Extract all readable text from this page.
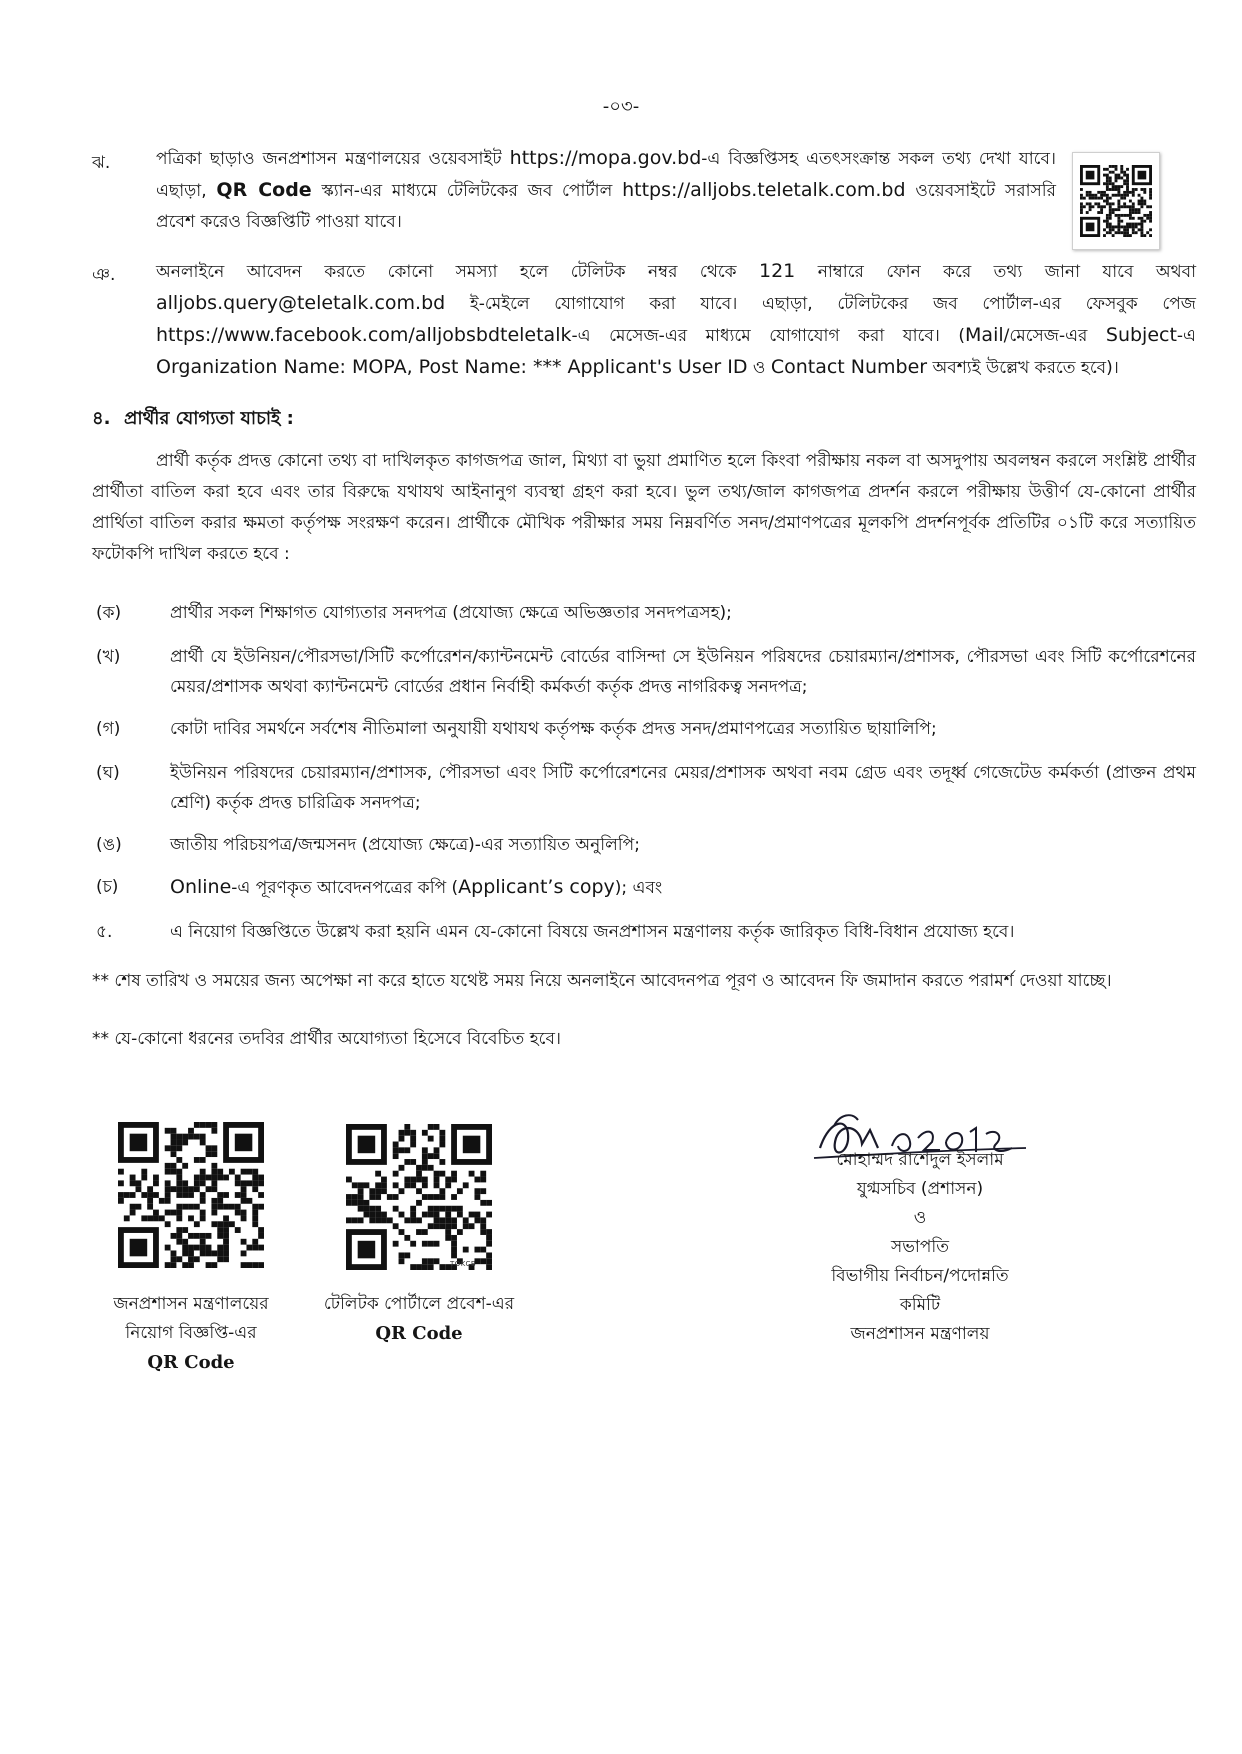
-০৩-
ঝ.	পত্রিকা ছাড়াও জনপ্রশাসন মন্ত্রণালয়ের ওয়েবসাইট https://mopa.gov.bd-এ বিজ্ঞপ্তিসহ এতৎসংক্রান্ত সকল তথ্য দেখা যাবে। এছাড়া, QR Code স্ক্যান-এর মাধ্যমে টেলিটকের জব পোর্টাল https://alljobs.teletalk.com.bd ওয়েবসাইটে সরাসরি প্রবেশ করেও বিজ্ঞপ্তিটি পাওয়া যাবে।
ঞ. অনলাইনে আবেদন করতে কোনো সমস্যা হলে টেলিটক নম্বর থেকে 121 নাম্বারে ফোন করে তথ্য জানা যাবে অথবা alljobs.query@teletalk.com.bd ই-মেইলে যোগাযোগ করা যাবে। এছাড়া, টেলিটকের জব পোর্টাল-এর ফেসবুক পেজ https://www.facebook.com/alljobsbdteletalk-এ মেসেজ-এর মাধ্যমে যোগাযোগ করা যাবে। (Mail/মেসেজ-এর Subject-এ Organization Name: MOPA, Post Name: *** Applicant's User ID ও Contact Number অবশ্যই উল্লেখ করতে হবে)।
৪. প্রার্থীর যোগ্যতা যাচাই :
প্রার্থী কর্তৃক প্রদত্ত কোনো তথ্য বা দাখিলকৃত কাগজপত্র জাল, মিথ্যা বা ভুয়া প্রমাণিত হলে কিংবা পরীক্ষায় নকল বা অসদুপায় অবলম্বন করলে সংশ্লিষ্ট প্রার্থীর প্রার্থীতা বাতিল করা হবে এবং তার বিরুদ্ধে যথাযথ আইনানুগ ব্যবস্থা গ্রহণ করা হবে। ভুল তথ্য/জাল কাগজপত্র প্রদর্শন করলে পরীক্ষায় উত্তীর্ণ যে-কোনো প্রার্থীর প্রার্থিতা বাতিল করার ক্ষমতা কর্তৃপক্ষ সংরক্ষণ করেন। প্রার্থীকে মৌখিক পরীক্ষার সময় নিম্নবর্ণিত সনদ/প্রমাণপত্রের মূলকপি প্রদর্শনপূর্বক প্রতিটির ০১টি করে সত্যায়িত ফটোকপি দাখিল করতে হবে :
(ক)	প্রার্থীর সকল শিক্ষাগত যোগ্যতার সনদপত্র (প্রযোজ্য ক্ষেত্রে অভিজ্ঞতার সনদপত্রসহ);
(খ)	প্রার্থী যে ইউনিয়ন/পৌরসভা/সিটি কর্পোরেশন/ক্যান্টনমেন্ট বোর্ডের বাসিন্দা সে ইউনিয়ন পরিষদের চেয়ারম্যান/প্রশাসক, পৌরসভা এবং সিটি কর্পোরেশনের মেয়র/প্রশাসক অথবা ক্যান্টনমেন্ট বোর্ডের প্রধান নির্বাহী কর্মকর্তা কর্তৃক প্রদত্ত নাগরিকত্ব সনদপত্র;
(গ)	কোটা দাবির সমর্থনে সর্বশেষ নীতিমালা অনুযায়ী যথাযথ কর্তৃপক্ষ কর্তৃক প্রদত্ত সনদ/প্রমাণপত্রের সত্যায়িত ছায়ালিপি;
(ঘ)	ইউনিয়ন পরিষদের চেয়ারম্যান/প্রশাসক, পৌরসভা এবং সিটি কর্পোরেশনের মেয়র/প্রশাসক অথবা নবম গ্রেড এবং তদূর্ধ্ব গেজেটেড কর্মকর্তা (প্রাক্তন প্রথম শ্রেণি) কর্তৃক প্রদত্ত চারিত্রিক সনদপত্র;
(ঙ)	জাতীয় পরিচয়পত্র/জন্মসনদ (প্রযোজ্য ক্ষেত্রে)-এর সত্যায়িত অনুলিপি;
(চ)	Online-এ পূরণকৃত আবেদনপত্রের কপি (Applicant’s copy); এবং
৫.	এ নিয়োগ বিজ্ঞপ্তিতে উল্লেখ করা হয়নি এমন যে-কোনো বিষয়ে জনপ্রশাসন মন্ত্রণালয় কর্তৃক জারিকৃত বিধি-বিধান প্রযোজ্য হবে।
** শেষ তারিখ ও সময়ের জন্য অপেক্ষা না করে হাতে যথেষ্ট সময় নিয়ে অনলাইনে আবেদনপত্র পূরণ ও আবেদন ফি জমাদান করতে পরামর্শ দেওয়া যাচ্ছে।
** যে-কোনো ধরনের তদবির প্রার্থীর অযোগ্যতা হিসেবে বিবেচিত হবে।
জনপ্রশাসন মন্ত্রণালয়ের
নিয়োগ বিজ্ঞপ্তি-এর
QR Code
TOKCB
টেলিটক পোর্টালে প্রবেশ-এর
QR Code
মোহাম্মদ রাশেদুল ইসলাম
যুগ্মসচিব (প্রশাসন)
ও
সভাপতি
বিভাগীয় নির্বাচন/পদোন্নতি কমিটি
জনপ্রশাসন মন্ত্রণালয়
